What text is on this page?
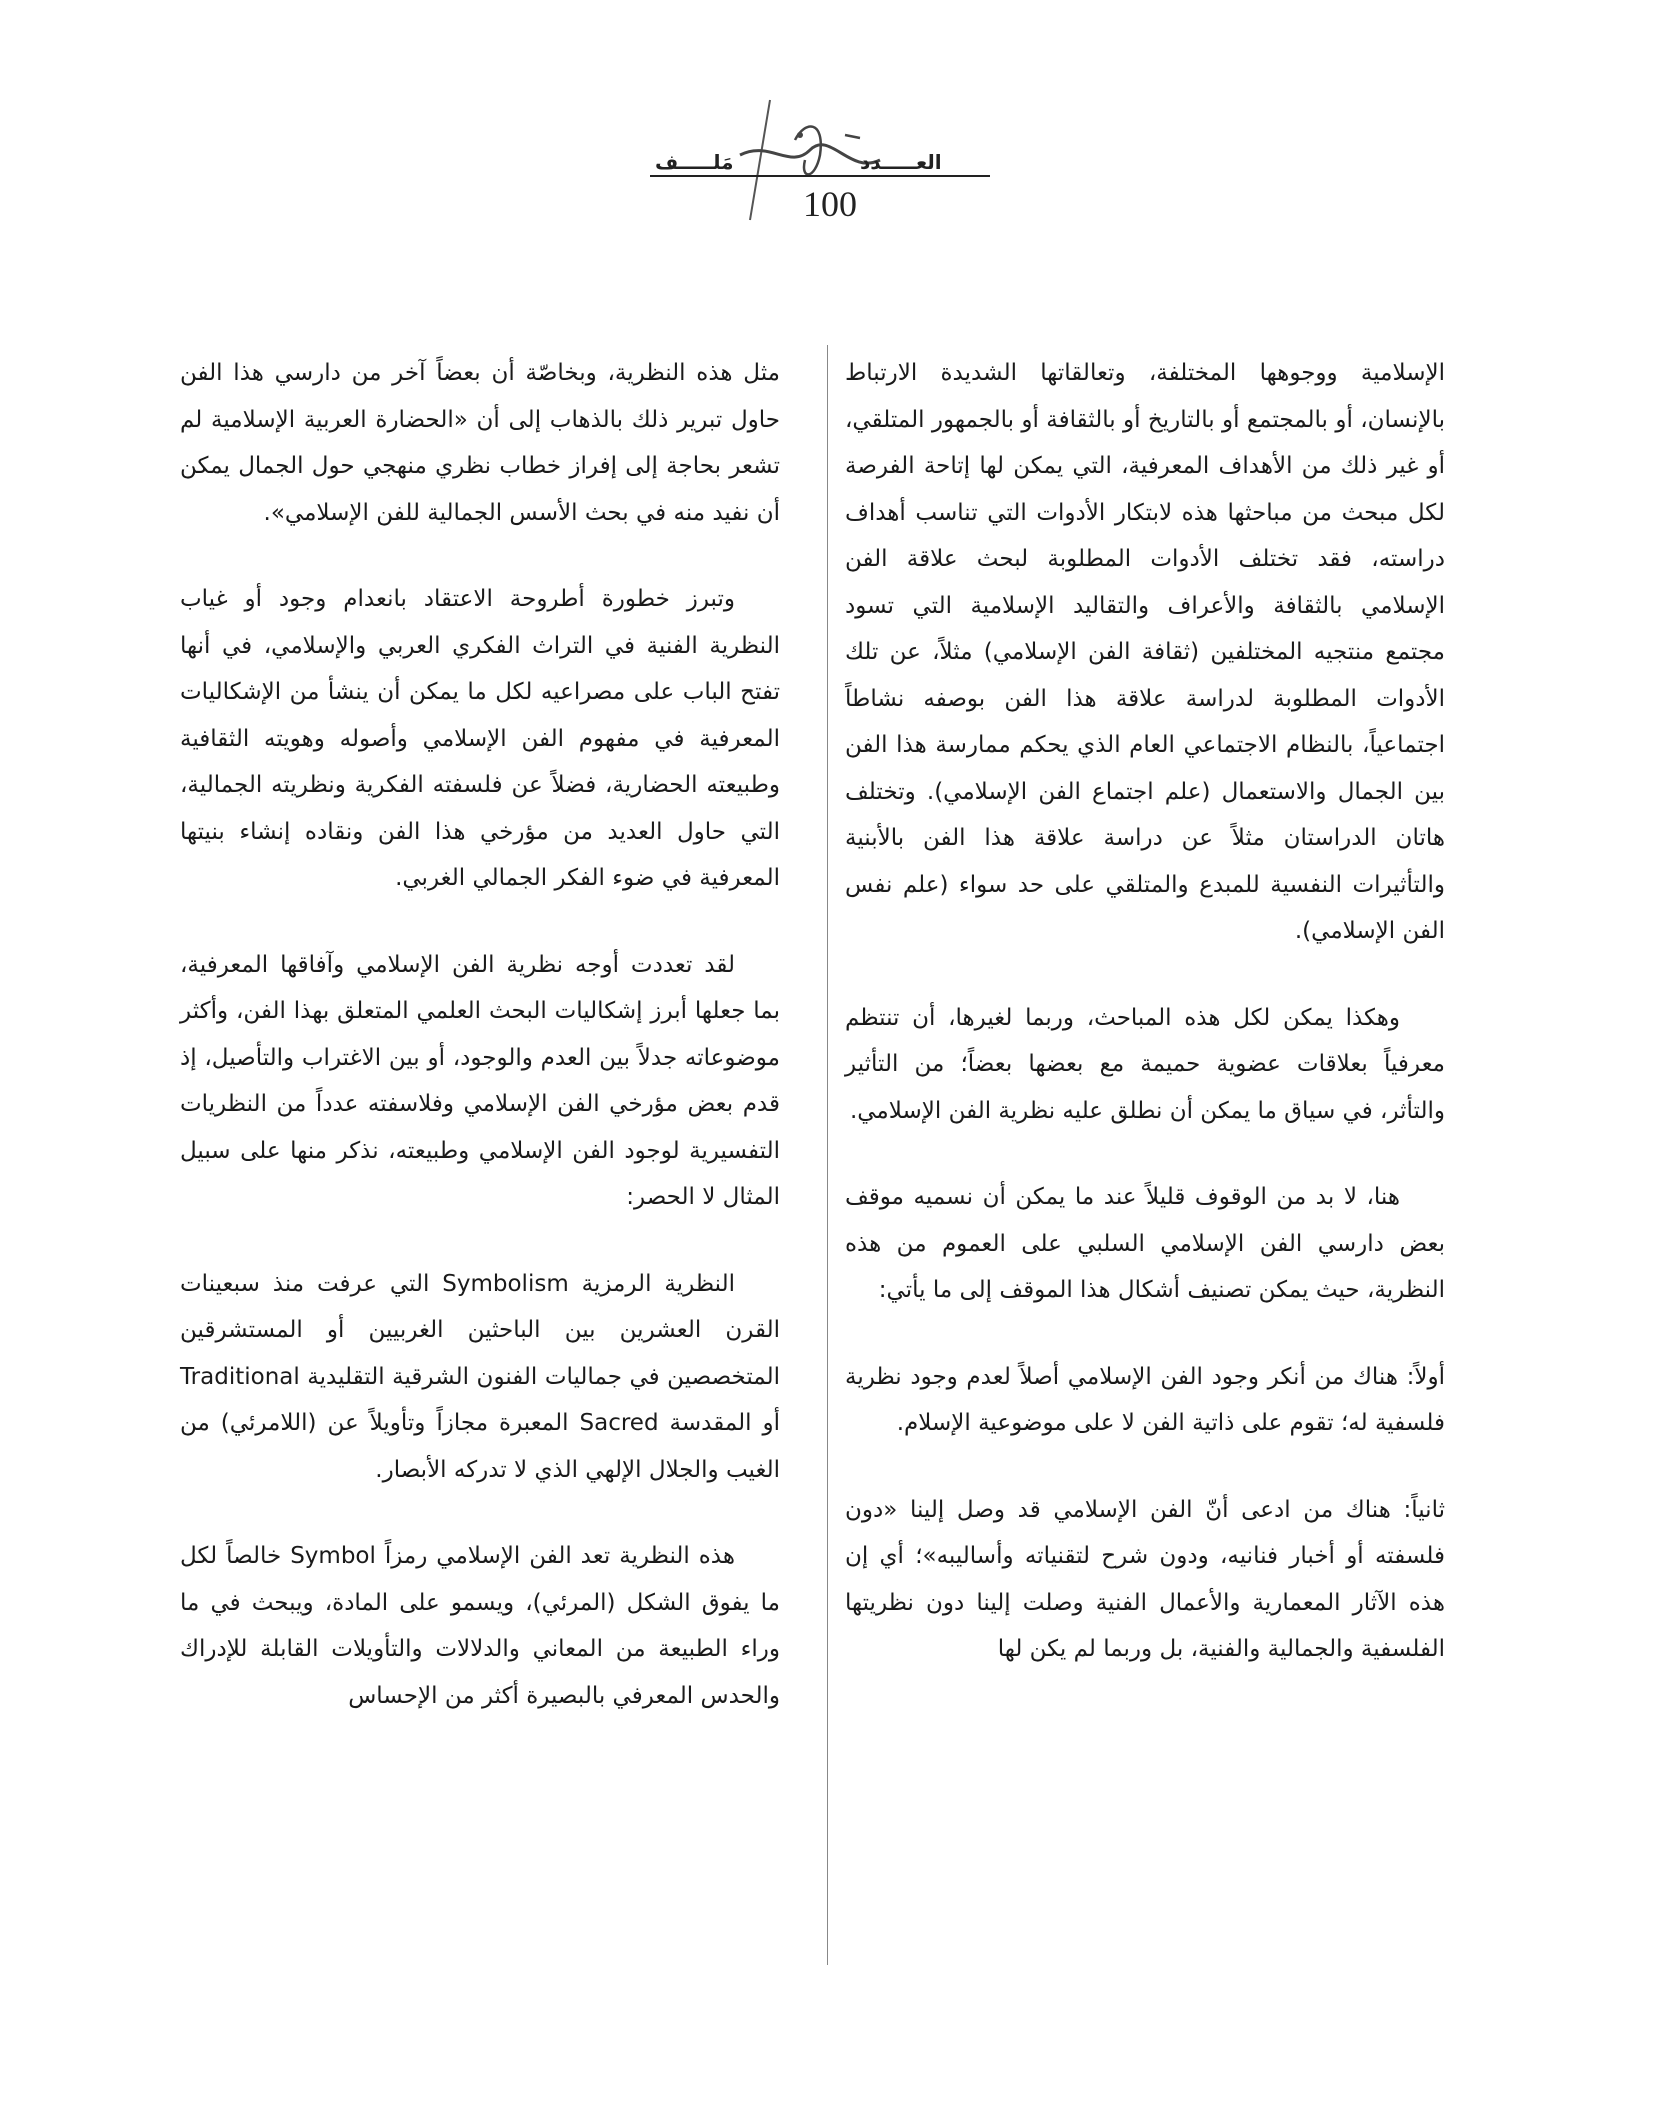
مَلـــــف	العـــــدد
100

الإسلامية ووجوهها المختلفة، وتعالقاتها الشديدة الارتباط بالإنسان، أو بالمجتمع أو بالتاريخ أو بالثقافة أو بالجمهور المتلقي، أو غير ذلك من الأهداف المعرفية، التي يمكن لها إتاحة الفرصة لكل مبحث من مباحثها هذه لابتكار الأدوات التي تناسب أهداف دراسته، فقد تختلف الأدوات المطلوبة لبحث علاقة الفن الإسلامي بالثقافة والأعراف والتقاليد الإسلامية التي تسود مجتمع منتجيه المختلفين (ثقافة الفن الإسلامي) مثلاً، عن تلك الأدوات المطلوبة لدراسة علاقة هذا الفن بوصفه نشاطاً اجتماعياً، بالنظام الاجتماعي العام الذي يحكم ممارسة هذا الفن بين الجمال والاستعمال (علم اجتماع الفن الإسلامي). وتختلف هاتان الدراستان مثلاً عن دراسة علاقة هذا الفن بالأبنية والتأثيرات النفسية للمبدع والمتلقي على حد سواء (علم نفس الفن الإسلامي).

وهكذا يمكن لكل هذه المباحث، وربما لغيرها، أن تنتظم معرفياً بعلاقات عضوية حميمة مع بعضها بعضاً؛ من التأثير والتأثر، في سياق ما يمكن أن نطلق عليه نظرية الفن الإسلامي.

هنا، لا بد من الوقوف قليلاً عند ما يمكن أن نسميه موقف بعض دارسي الفن الإسلامي السلبي على العموم من هذه النظرية، حيث يمكن تصنيف أشكال هذا الموقف إلى ما يأتي:

أولاً: هناك من أنكر وجود الفن الإسلامي أصلاً لعدم وجود نظرية فلسفية له؛ تقوم على ذاتية الفن لا على موضوعية الإسلام.

ثانياً: هناك من ادعى أنّ الفن الإسلامي قد وصل إلينا «دون فلسفته أو أخبار فنانيه، ودون شرح لتقنياته وأساليبه»؛ أي إن هذه الآثار المعمارية والأعمال الفنية وصلت إلينا دون نظريتها الفلسفية والجمالية والفنية، بل وربما لم يكن لها

مثل هذه النظرية، وبخاصّة أن بعضاً آخر من دارسي هذا الفن حاول تبرير ذلك بالذهاب إلى أن «الحضارة العربية الإسلامية لم تشعر بحاجة إلى إفراز خطاب نظري منهجي حول الجمال يمكن أن نفيد منه في بحث الأسس الجمالية للفن الإسلامي».

وتبرز خطورة أطروحة الاعتقاد بانعدام وجود أو غياب النظرية الفنية في التراث الفكري العربي والإسلامي، في أنها تفتح الباب على مصراعيه لكل ما يمكن أن ينشأ من الإشكاليات المعرفية في مفهوم الفن الإسلامي وأصوله وهويته الثقافية وطبيعته الحضارية، فضلاً عن فلسفته الفكرية ونظريته الجمالية، التي حاول العديد من مؤرخي هذا الفن ونقاده إنشاء بنيتها المعرفية في ضوء الفكر الجمالي الغربي.

لقد تعددت أوجه نظرية الفن الإسلامي وآفاقها المعرفية، بما جعلها أبرز إشكاليات البحث العلمي المتعلق بهذا الفن، وأكثر موضوعاته جدلاً بين العدم والوجود، أو بين الاغتراب والتأصيل، إذ قدم بعض مؤرخي الفن الإسلامي وفلاسفته عدداً من النظريات التفسيرية لوجود الفن الإسلامي وطبيعته، نذكر منها على سبيل المثال لا الحصر:

النظرية الرمزية Symbolism التي عرفت منذ سبعينات القرن العشرين بين الباحثين الغربيين أو المستشرقين المتخصصين في جماليات الفنون الشرقية التقليدية Traditional أو المقدسة Sacred المعبرة مجازاً وتأويلاً عن (اللامرئي) من الغيب والجلال الإلهي الذي لا تدركه الأبصار.

هذه النظرية تعد الفن الإسلامي رمزاً Symbol خالصاً لكل ما يفوق الشكل (المرئي)، ويسمو على المادة، ويبحث في ما وراء الطبيعة من المعاني والدلالات والتأويلات القابلة للإدراك والحدس المعرفي بالبصيرة أكثر من الإحساس
